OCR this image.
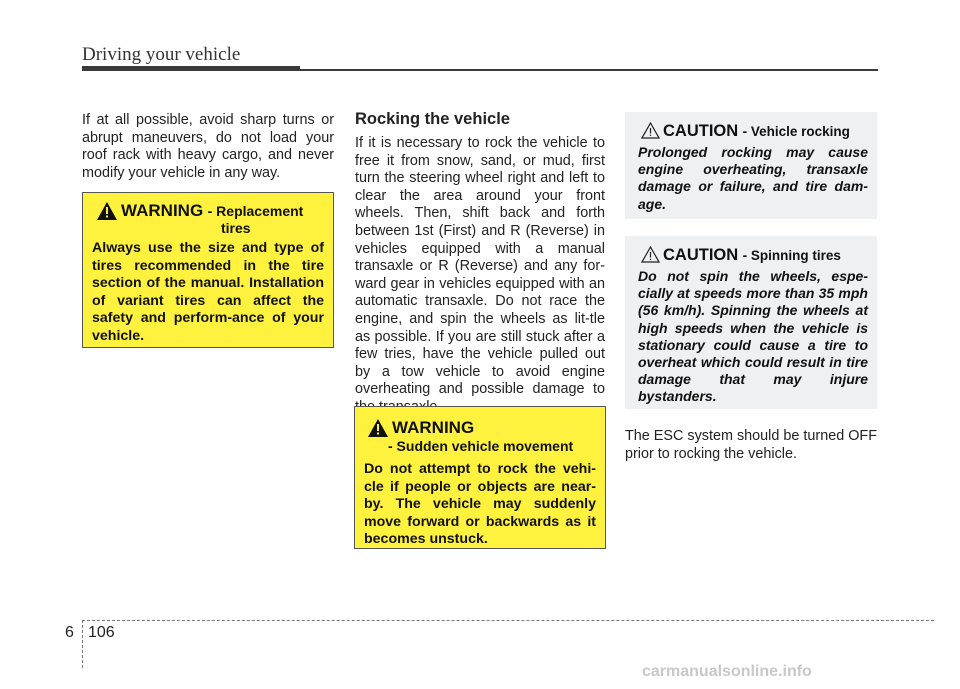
Driving your vehicle
If at all possible, avoid sharp turns or abrupt maneuvers, do not load your roof rack with heavy cargo, and never modify your vehicle in any way.
WARNING - Replacement
tires
Always use the size and type of tires recommended in the tire section of the manual. Installation of variant tires can affect the safety and perform-ance of your vehicle.
Rocking the vehicle
If it is necessary to rock the vehicle to free it from snow, sand, or mud, first turn the steering wheel right and left to clear the area around your front wheels. Then, shift back and forth between 1st (First) and R (Reverse) in vehicles equipped with a manual transaxle or R (Reverse) and any for-ward gear in vehicles equipped with an automatic transaxle. Do not race the engine, and spin the wheels as lit-tle as possible. If you are still stuck after a few tries, have the vehicle pulled out by a tow vehicle to avoid engine overheating and possible damage to
WARNING
- Sudden vehicle movement
Do not attempt to rock the vehi-cle if people or objects are near-by. The vehicle may suddenly move forward or backwards as it becomes unstuck.
CAUTION - Vehicle rocking
Prolonged rocking may cause engine overheating, transaxle damage or failure, and tire dam-age.
CAUTION - Spinning tires
Do not spin the wheels, espe-cially at speeds more than 35 mph (56 km/h). Spinning the wheels at high speeds when the vehicle is stationary could cause a tire to overheat which could result in tire damage that may injure bystanders.
The ESC system should be turned OFF prior to rocking the vehicle.
6 106
carmanualsonline.info
